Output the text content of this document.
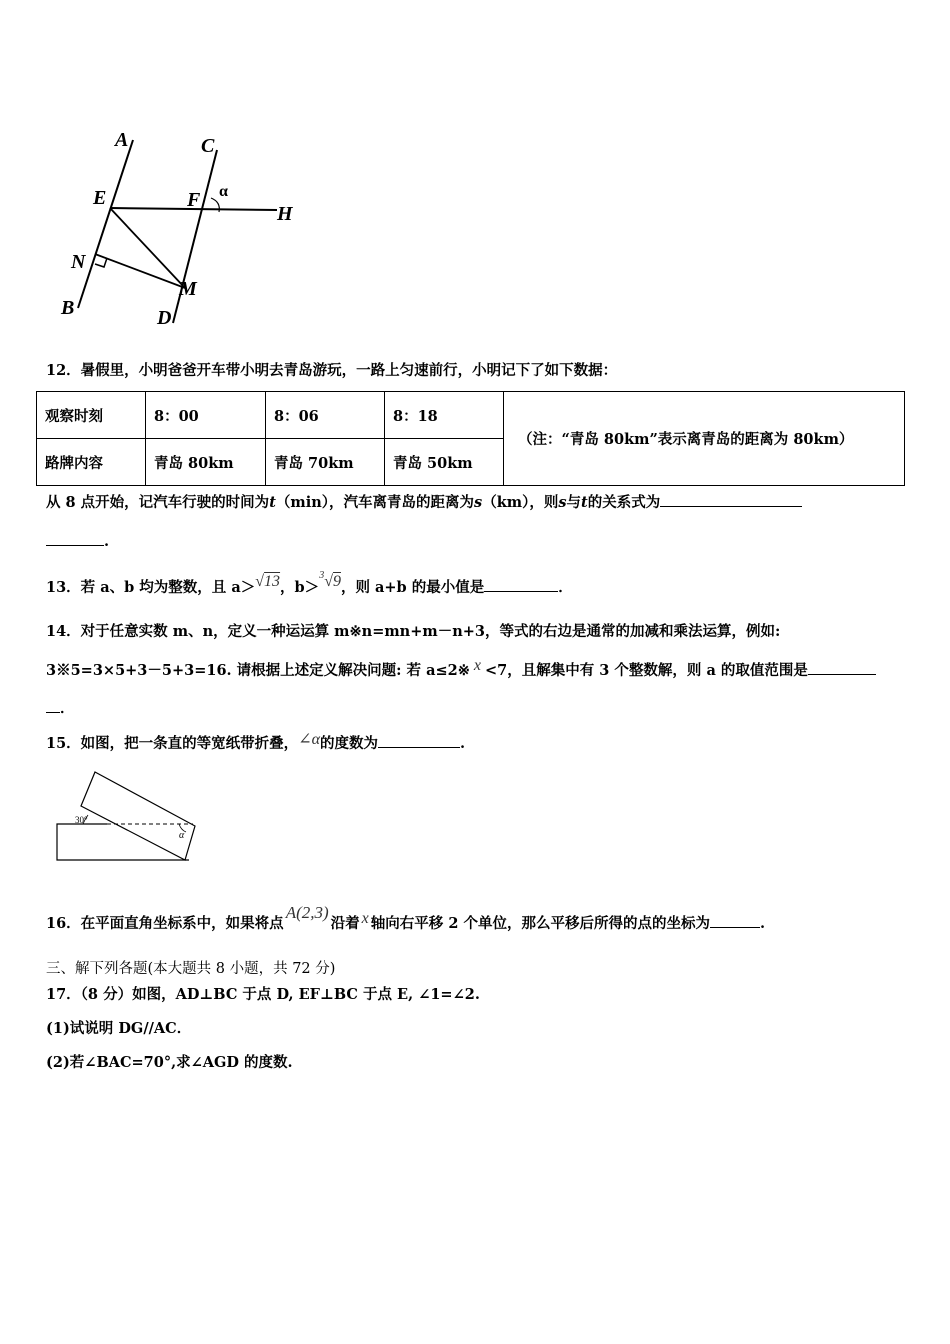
A	C
E	F α
H
N
M
B	D
12．暑假里，小明爸爸开车带小明去青岛游玩，一路上匀速前行，小明记下了如下数据：
观察时刻	8：00	8：06	8：18	（注：“青岛 80km”表示离青岛的距离为 80km）
路牌内容	青岛 80km	青岛 70km	青岛 50km	
从 8 点开始，记汽车行驶的时间为t（min），汽车离青岛的距离为s（km），则s与t的关系式为
.
13．若 a、b 均为整数，且 a＞√13，b＞$^3$√9，则 a+b 的最小值是	．
14．对于任意实数 m、n，定义一种运运算 m※n=mn+m－n+3，等式的右边是通常的加减和乘法运算，例如:
3※5=3×5+3－5+3=16. 请根据上述定义解决问题: 若 a≤2※ x <7，且解集中有 3 个整数解，则 a 的取值范围是
．
15．如图，把一条直的等宽纸带折叠，∠α的度数为	.
30°
α
16．在平面直角坐标系中，如果将点A(2,3)沿着 x 轴向右平移 2 个单位，那么平移后所得的点的坐标为	.
三、解下列各题(本大题共 8 小题，共 72 分)
17．（8 分）如图，AD⊥BC 于点 D, EF⊥BC 于点 E, ∠1=∠2.
(1)试说明 DG//AC．
(2)若∠BAC=70°,求∠AGD 的度数.
